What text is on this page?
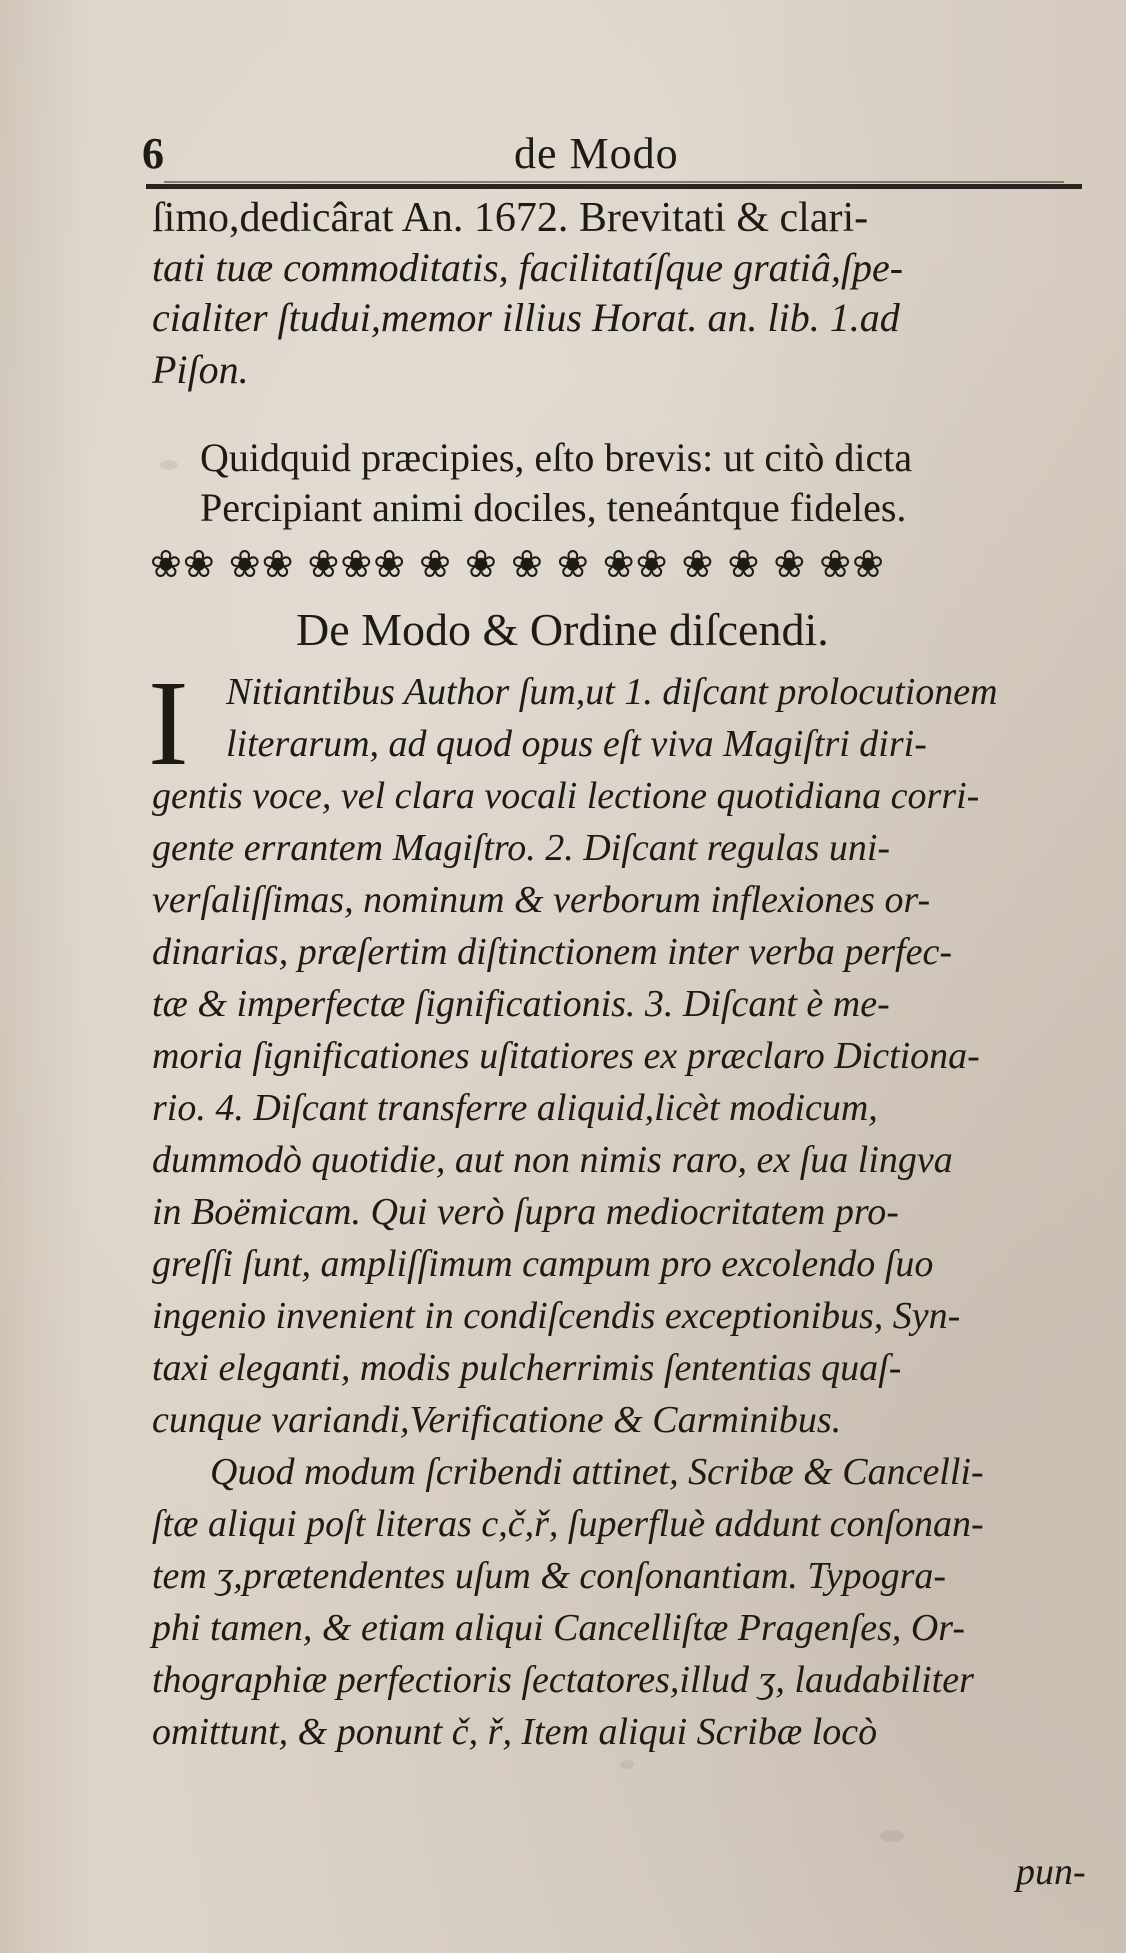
6	de Modo
ſimo,dedicârat An. 1672. Brevitati & clari-
tati tuæ commoditatis, facilitatíſque gratiâ,ſpe-
cialiter ſtudui,memor illius Horat. an. lib. 1.ad
Piſon.
Quidquid præcipies, eſto brevis: ut citò dicta
Percipiant animi dociles, teneántque fideles.
❀❀ ❀❀ ❀❀❀ ❀ ❀ ❀ ❀ ❀❀ ❀ ❀ ❀ ❀❀
De Modo & Ordine diſcendi.
I Nitiantibus Author ſum,ut 1. diſcant prolocutionem
literarum, ad quod opus eſt viva Magiſtri diri-
gentis voce, vel clara vocali lectione quotidiana corri-
gente errantem Magiſtro. 2. Diſcant regulas uni-
verſaliſſimas, nominum & verborum inflexiones or-
dinarias, præſertim diſtinctionem inter verba perfec-
tæ & imperfectæ ſignificationis. 3. Diſcant è me-
moria ſignificationes uſitatiores ex præclaro Dictiona-
rio. 4. Diſcant transferre aliquid,licèt modicum,
dummodò quotidie, aut non nimis raro, ex ſua lingva
in Boëmicam. Qui verò ſupra mediocritatem pro-
greſſi ſunt, ampliſſimum campum pro excolendo ſuo
ingenio invenient in condiſcendis exceptionibus, Syn-
taxi eleganti, modis pulcherrimis ſententias quaſ-
cunque variandi,Verificatione & Carminibus.
Quod modum ſcribendi attinet, Scribæ & Cancelli-
ſtæ aliqui poſt literas c,č,ř, ſuperfluè addunt conſonan-
tem ʒ,prætendentes uſum & conſonantiam. Typogra-
phi tamen, & etiam aliqui Cancelliſtæ Pragenſes, Or-
thographiæ perfectioris ſectatores,illud ʒ, laudabiliter
omittunt, & ponunt č, ř, Item aliqui Scribæ locò
pun-
